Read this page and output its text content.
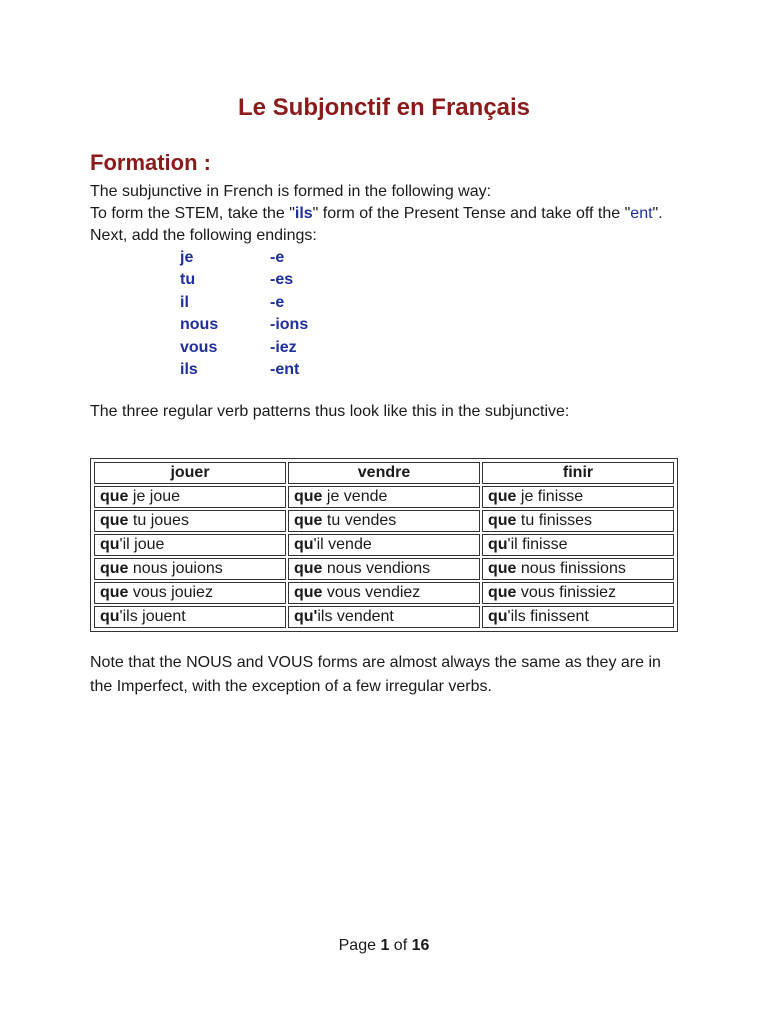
Le Subjonctif en Français
Formation :
The subjunctive in French is formed in the following way:
To form the STEM, take the "ils" form of the Present Tense and take off the "ent".
Next, add the following endings:
je	-e
tu	-es
il	-e
nous	-ions
vous	-iez
ils	-ent
The three regular verb patterns thus look like this in the subjunctive:
jouer	vendre	finir
que je joue	que je vende	que je finisse
que tu joues	que tu vendes	que tu finisses
qu'il joue	qu'il vende	qu'il finisse
que nous jouions	que nous vendions	que nous finissions
que vous jouiez	que vous vendiez	que vous finissiez
qu'ils jouent	qu'ils vendent	qu'ils finissent
Note that the NOUS and VOUS forms are almost always the same as they are in
the Imperfect, with the exception of a few irregular verbs.
Page 1 of 16
